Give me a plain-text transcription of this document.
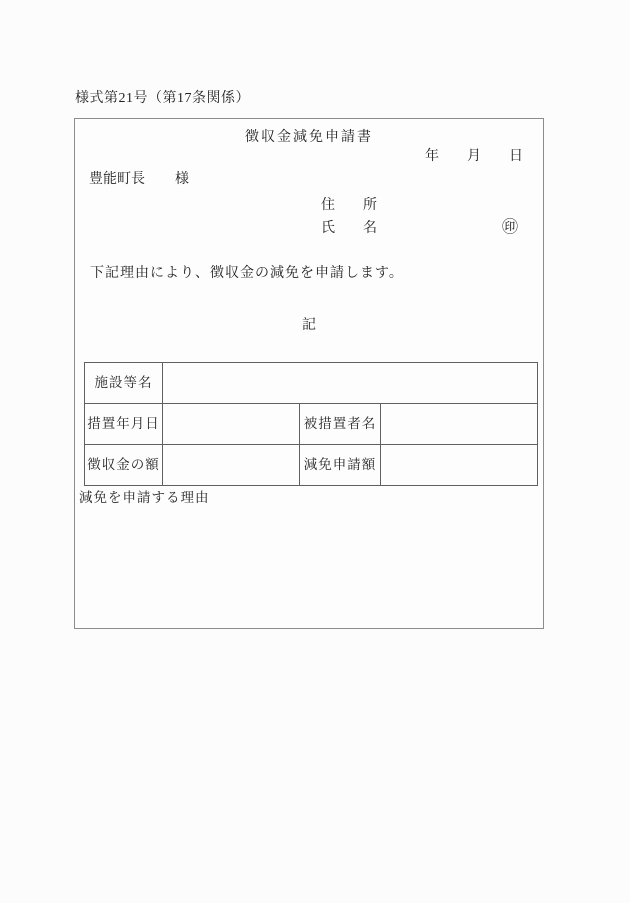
様式第21号（第17条関係）
徴収金減免申請書
年　　月　　日
豊能町長 様
住　　所
氏　　名	㊞
下記理由により、徴収金の減免を申請します。
記
施設等名			
措置年月日		被措置者名	
徴収金の額		減免申請額	
減免を申請する理由
